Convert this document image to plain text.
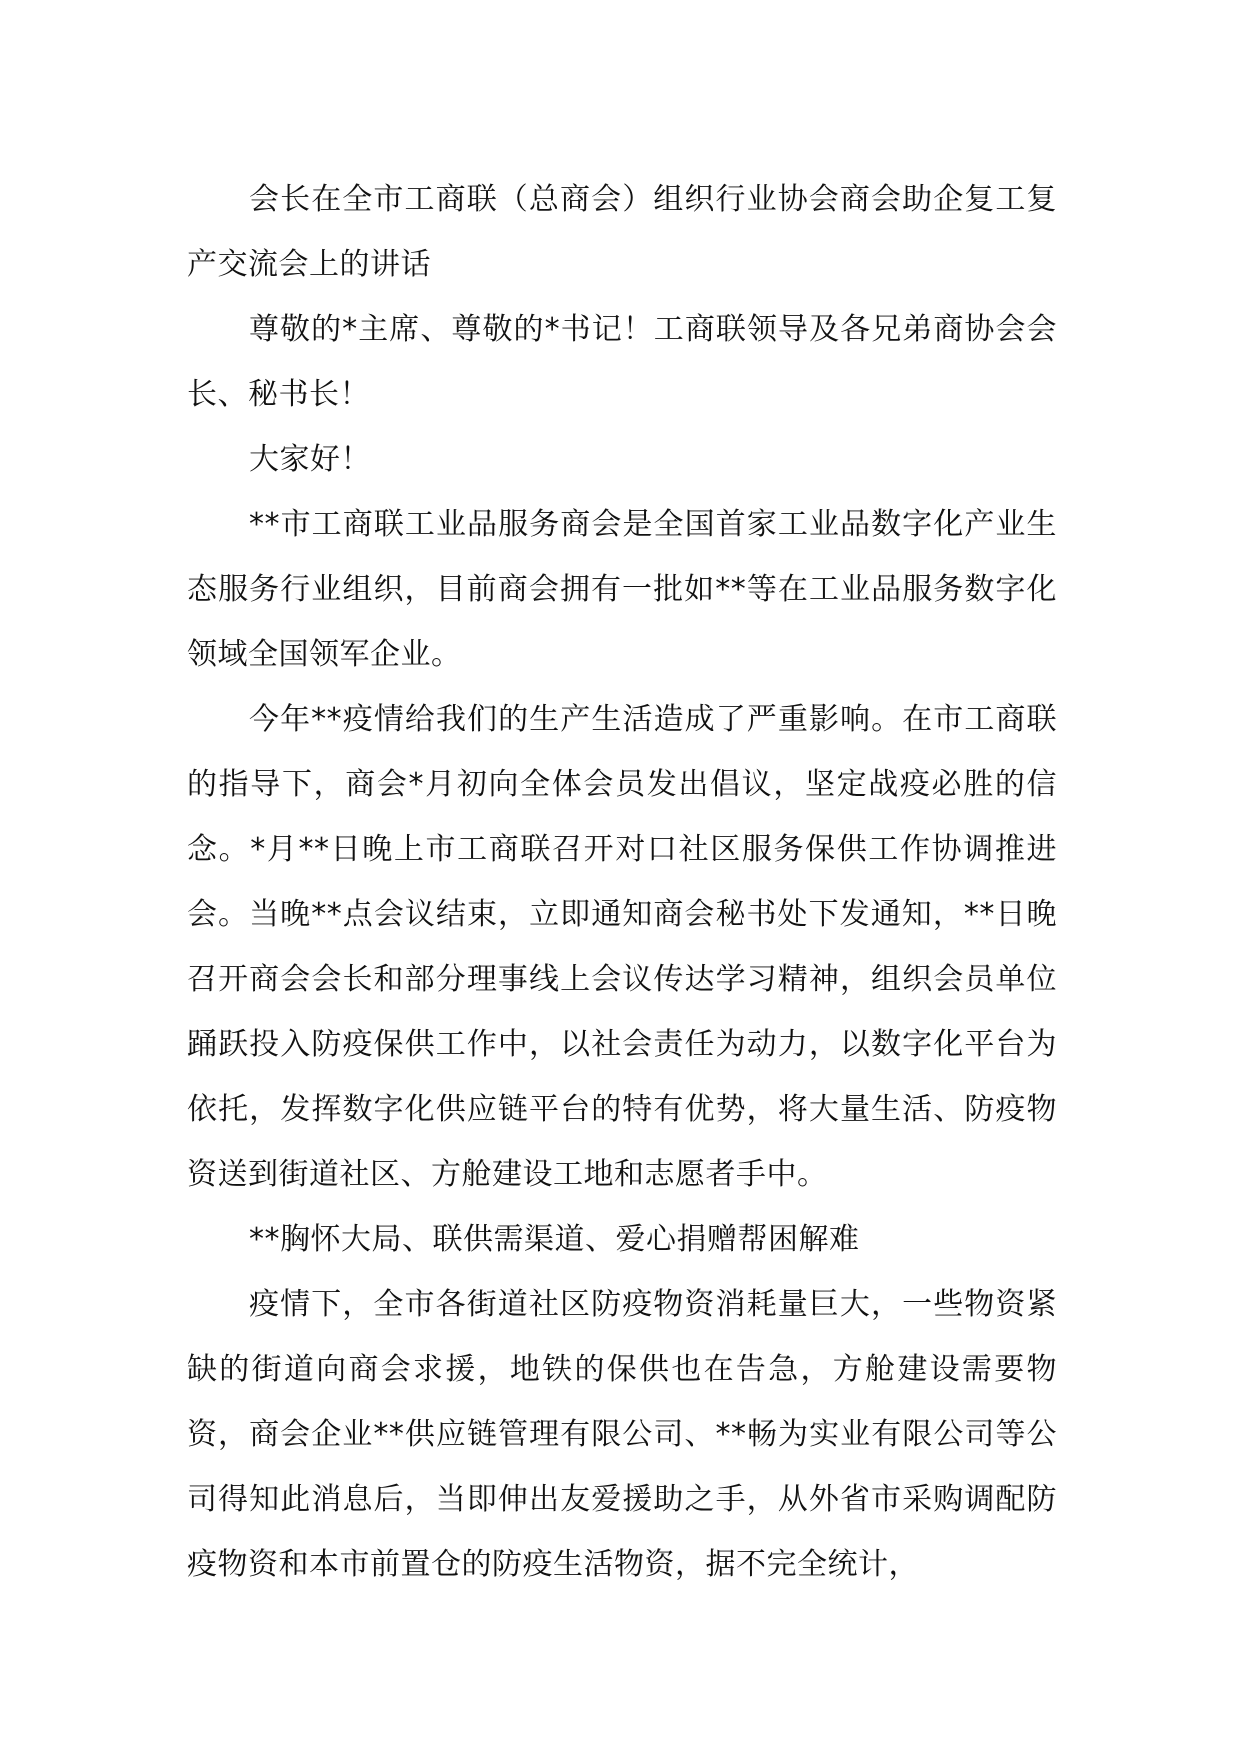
会长在全市工商联（总商会）组织行业协会商会助企复工复产交流会上的讲话

尊敬的*主席、尊敬的*书记！工商联领导及各兄弟商协会会长、秘书长！

大家好！

**市工商联工业品服务商会是全国首家工业品数字化产业生态服务行业组织，目前商会拥有一批如**等在工业品服务数字化领域全国领军企业。

今年**疫情给我们的生产生活造成了严重影响。在市工商联的指导下，商会*月初向全体会员发出倡议，坚定战疫必胜的信念。*月**日晚上市工商联召开对口社区服务保供工作协调推进会。当晚**点会议结束，立即通知商会秘书处下发通知，**日晚召开商会会长和部分理事线上会议传达学习精神，组织会员单位踊跃投入防疫保供工作中，以社会责任为动力，以数字化平台为依托，发挥数字化供应链平台的特有优势，将大量生活、防疫物资送到街道社区、方舱建设工地和志愿者手中。

**胸怀大局、联供需渠道、爱心捐赠帮困解难

疫情下，全市各街道社区防疫物资消耗量巨大，一些物资紧缺的街道向商会求援，地铁的保供也在告急，方舱建设需要物资，商会企业**供应链管理有限公司、**畅为实业有限公司等公司得知此消息后，当即伸出友爱援助之手，从外省市采购调配防疫物资和本市前置仓的防疫生活物资，据不完全统计，
